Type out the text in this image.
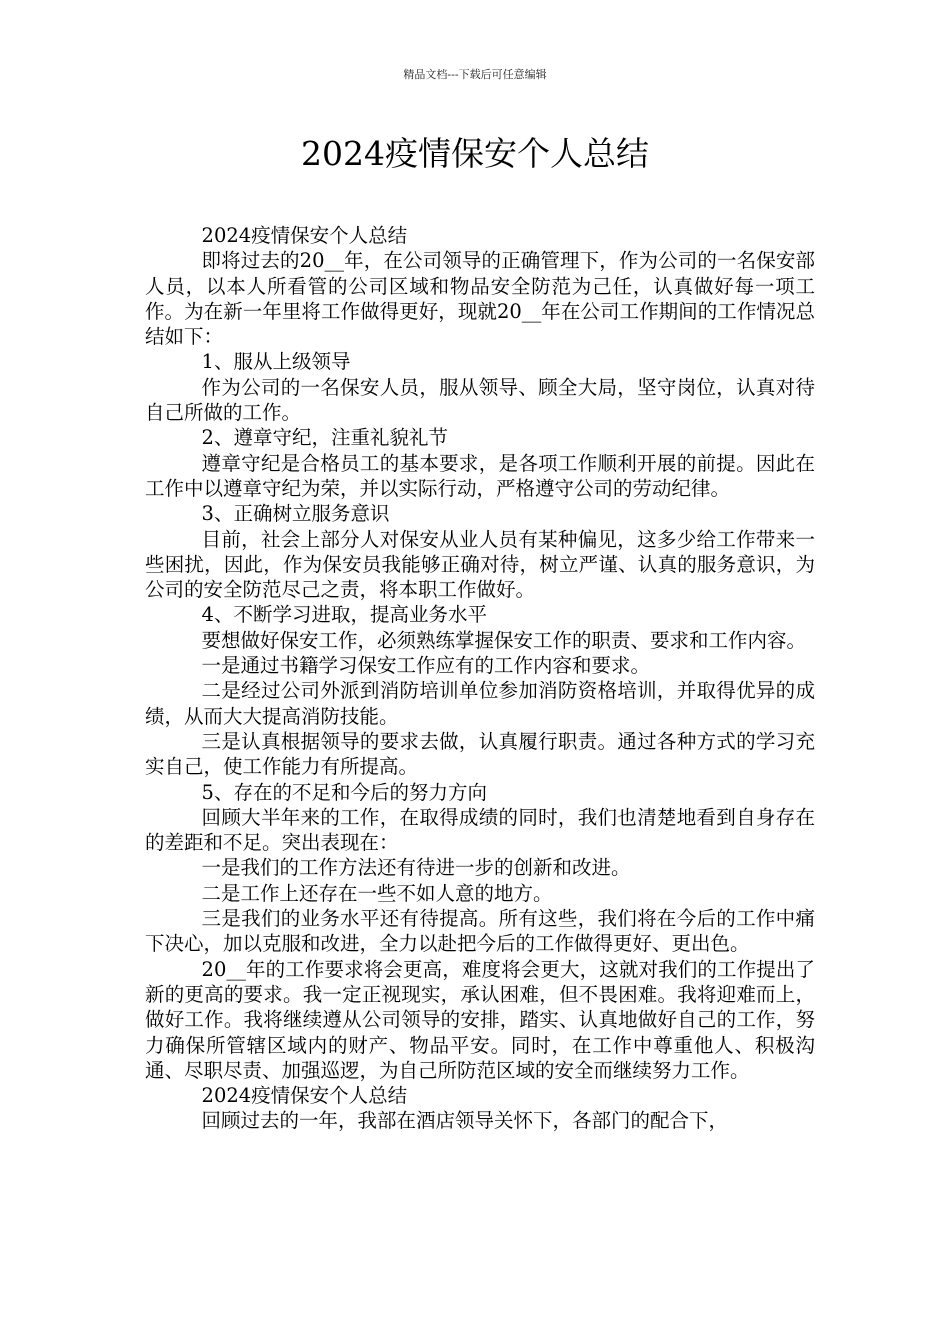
精品文档---下载后可任意编辑
2024疫情保安个人总结

2024疫情保安个人总结

即将过去的20__年，在公司领导的正确管理下，作为公司的一名保安部人员，以本人所看管的公司区域和物品安全防范为己任，认真做好每一项工作。为在新一年里将工作做得更好，现就20__年在公司工作期间的工作情况总结如下：

1、服从上级领导

作为公司的一名保安人员，服从领导、顾全大局，坚守岗位，认真对待自己所做的工作。

2、遵章守纪，注重礼貌礼节

遵章守纪是合格员工的基本要求，是各项工作顺利开展的前提。因此在工作中以遵章守纪为荣，并以实际行动，严格遵守公司的劳动纪律。

3、正确树立服务意识

目前，社会上部分人对保安从业人员有某种偏见，这多少给工作带来一些困扰，因此，作为保安员我能够正确对待，树立严谨、认真的服务意识，为公司的安全防范尽己之责，将本职工作做好。

4、不断学习进取，提高业务水平

要想做好保安工作，必须熟练掌握保安工作的职责、要求和工作内容。

一是通过书籍学习保安工作应有的工作内容和要求。

二是经过公司外派到消防培训单位参加消防资格培训，并取得优异的成绩，从而大大提高消防技能。

三是认真根据领导的要求去做，认真履行职责。通过各种方式的学习充实自己，使工作能力有所提高。

5、存在的不足和今后的努力方向

回顾大半年来的工作，在取得成绩的同时，我们也清楚地看到自身存在的差距和不足。突出表现在：

一是我们的工作方法还有待进一步的创新和改进。

二是工作上还存在一些不如人意的地方。

三是我们的业务水平还有待提高。所有这些，我们将在今后的工作中痛下决心，加以克服和改进，全力以赴把今后的工作做得更好、更出色。

20__年的工作要求将会更高，难度将会更大，这就对我们的工作提出了新的更高的要求。我一定正视现实，承认困难，但不畏困难。我将迎难而上，做好工作。我将继续遵从公司领导的安排，踏实、认真地做好自己的工作，努力确保所管辖区域内的财产、物品平安。同时，在工作中尊重他人、积极沟通、尽职尽责、加强巡逻，为自己所防范区域的安全而继续努力工作。

2024疫情保安个人总结

回顾过去的一年，我部在酒店领导关怀下，各部门的配合下，
